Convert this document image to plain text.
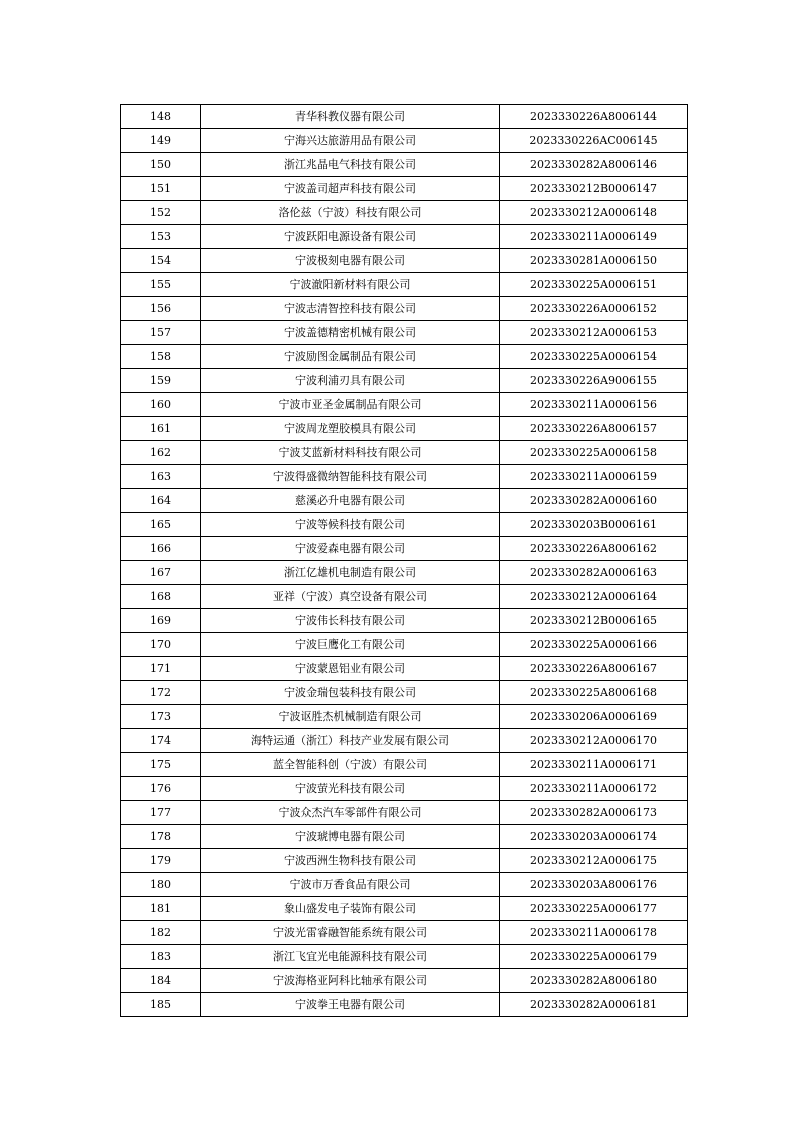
148	青华科教仪器有限公司	2023330226A8006144
149	宁海兴达旅游用品有限公司	2023330226AC006145
150	浙江兆晶电气科技有限公司	2023330282A8006146
151	宁波盖司超声科技有限公司	2023330212B0006147
152	洛伦兹（宁波）科技有限公司	2023330212A0006148
153	宁波跃阳电源设备有限公司	2023330211A0006149
154	宁波极刻电器有限公司	2023330281A0006150
155	宁波澈阳新材料有限公司	2023330225A0006151
156	宁波志清智控科技有限公司	2023330226A0006152
157	宁波盖德精密机械有限公司	2023330212A0006153
158	宁波励图金属制品有限公司	2023330225A0006154
159	宁波利浦刃具有限公司	2023330226A9006155
160	宁波市亚圣金属制品有限公司	2023330211A0006156
161	宁波周龙塑胶模具有限公司	2023330226A8006157
162	宁波艾蓝新材料科技有限公司	2023330225A0006158
163	宁波得盛微纳智能科技有限公司	2023330211A0006159
164	慈溪必升电器有限公司	2023330282A0006160
165	宁波等候科技有限公司	2023330203B0006161
166	宁波爱森电器有限公司	2023330226A8006162
167	浙江亿雄机电制造有限公司	2023330282A0006163
168	亚祥（宁波）真空设备有限公司	2023330212A0006164
169	宁波伟长科技有限公司	2023330212B0006165
170	宁波巨鹰化工有限公司	2023330225A0006166
171	宁波蒙恩铝业有限公司	2023330226A8006167
172	宁波金瑞包装科技有限公司	2023330225A8006168
173	宁波讴胜杰机械制造有限公司	2023330206A0006169
174	海特运通（浙江）科技产业发展有限公司	2023330212A0006170
175	蓝全智能科创（宁波）有限公司	2023330211A0006171
176	宁波萤光科技有限公司	2023330211A0006172
177	宁波众杰汽车零部件有限公司	2023330282A0006173
178	宁波琥博电器有限公司	2023330203A0006174
179	宁波西洲生物科技有限公司	2023330212A0006175
180	宁波市万香食品有限公司	2023330203A8006176
181	象山盛发电子装饰有限公司	2023330225A0006177
182	宁波光雷睿融智能系统有限公司	2023330211A0006178
183	浙江飞宜光电能源科技有限公司	2023330225A0006179
184	宁波海格亚阿科比轴承有限公司	2023330282A8006180
185	宁波拳王电器有限公司	2023330282A0006181
